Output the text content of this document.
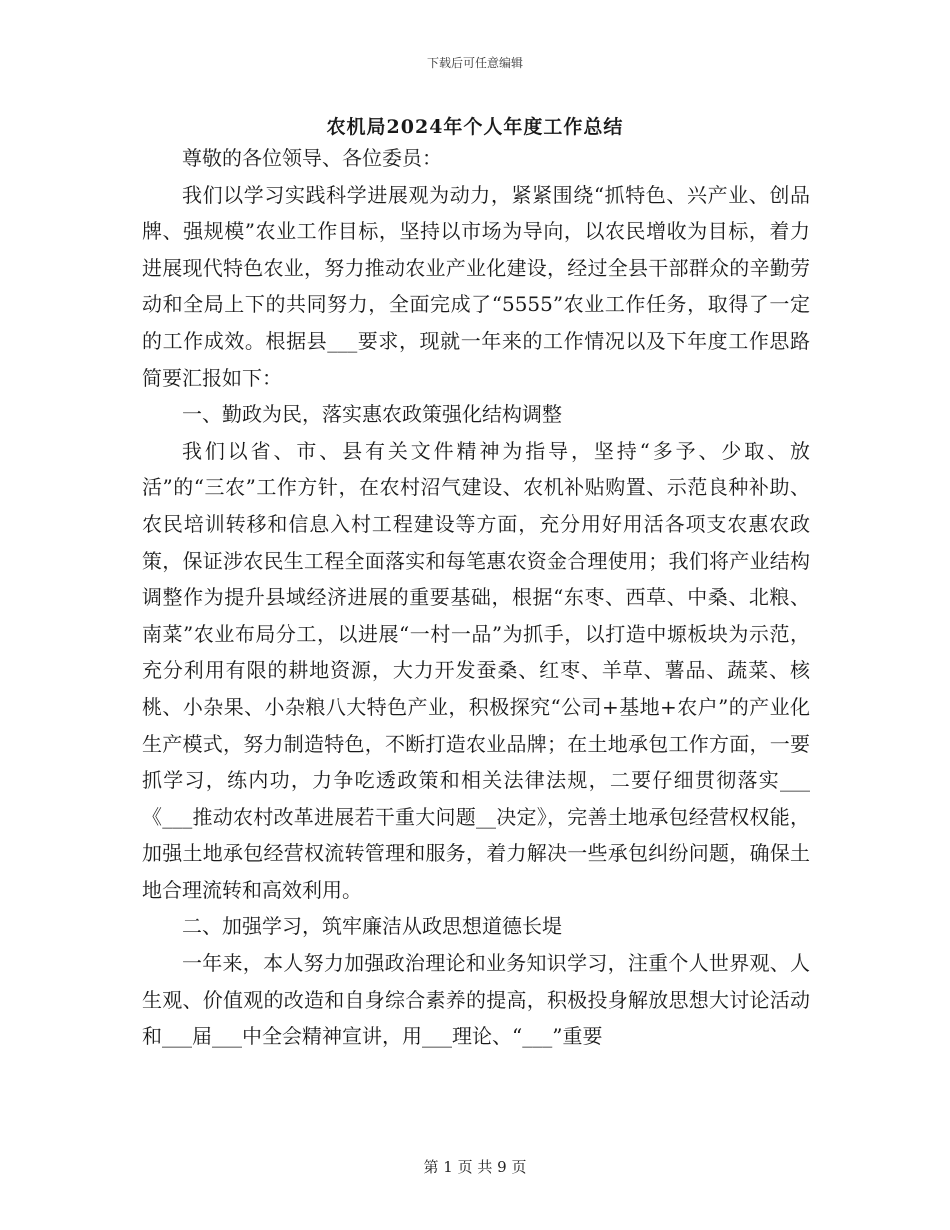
下载后可任意编辑
农机局2024年个人年度工作总结

尊敬的各位领导、各位委员：

我们以学习实践科学进展观为动力，紧紧围绕“抓特色、兴产业、创品牌、强规模”农业工作目标，坚持以市场为导向，以农民增收为目标，着力进展现代特色农业，努力推动农业产业化建设，经过全县干部群众的辛勤劳动和全局上下的共同努力，全面完成了“5555”农业工作任务，取得了一定的工作成效。根据县___要求，现就一年来的工作情况以及下年度工作思路简要汇报如下：

一、勤政为民，落实惠农政策强化结构调整

我们以省、市、县有关文件精神为指导，坚持“多予、少取、放活”的“三农”工作方针，在农村沼气建设、农机补贴购置、示范良种补助、农民培训转移和信息入村工程建设等方面，充分用好用活各项支农惠农政策，保证涉农民生工程全面落实和每笔惠农资金合理使用；我们将产业结构调整作为提升县域经济进展的重要基础，根据“东枣、西草、中桑、北粮、南菜”农业布局分工，以进展“一村一品”为抓手，以打造中塬板块为示范，充分利用有限的耕地资源，大力开发蚕桑、红枣、羊草、薯品、蔬菜、核桃、小杂果、小杂粮八大特色产业，积极探究“公司+基地+农户”的产业化生产模式，努力制造特色，不断打造农业品牌；在土地承包工作方面，一要抓学习，练内功，力争吃透政策和相关法律法规，二要仔细贯彻落实___《___推动农村改革进展若干重大问题__决定》，完善土地承包经营权权能，加强土地承包经营权流转管理和服务，着力解决一些承包纠纷问题，确保土地合理流转和高效利用。

二、加强学习，筑牢廉洁从政思想道德长堤

一年来，本人努力加强政治理论和业务知识学习，注重个人世界观、人生观、价值观的改造和自身综合素养的提高，积极投身解放思想大讨论活动和___届___中全会精神宣讲，用___理论、“___”重要

第 1 页 共 9 页
